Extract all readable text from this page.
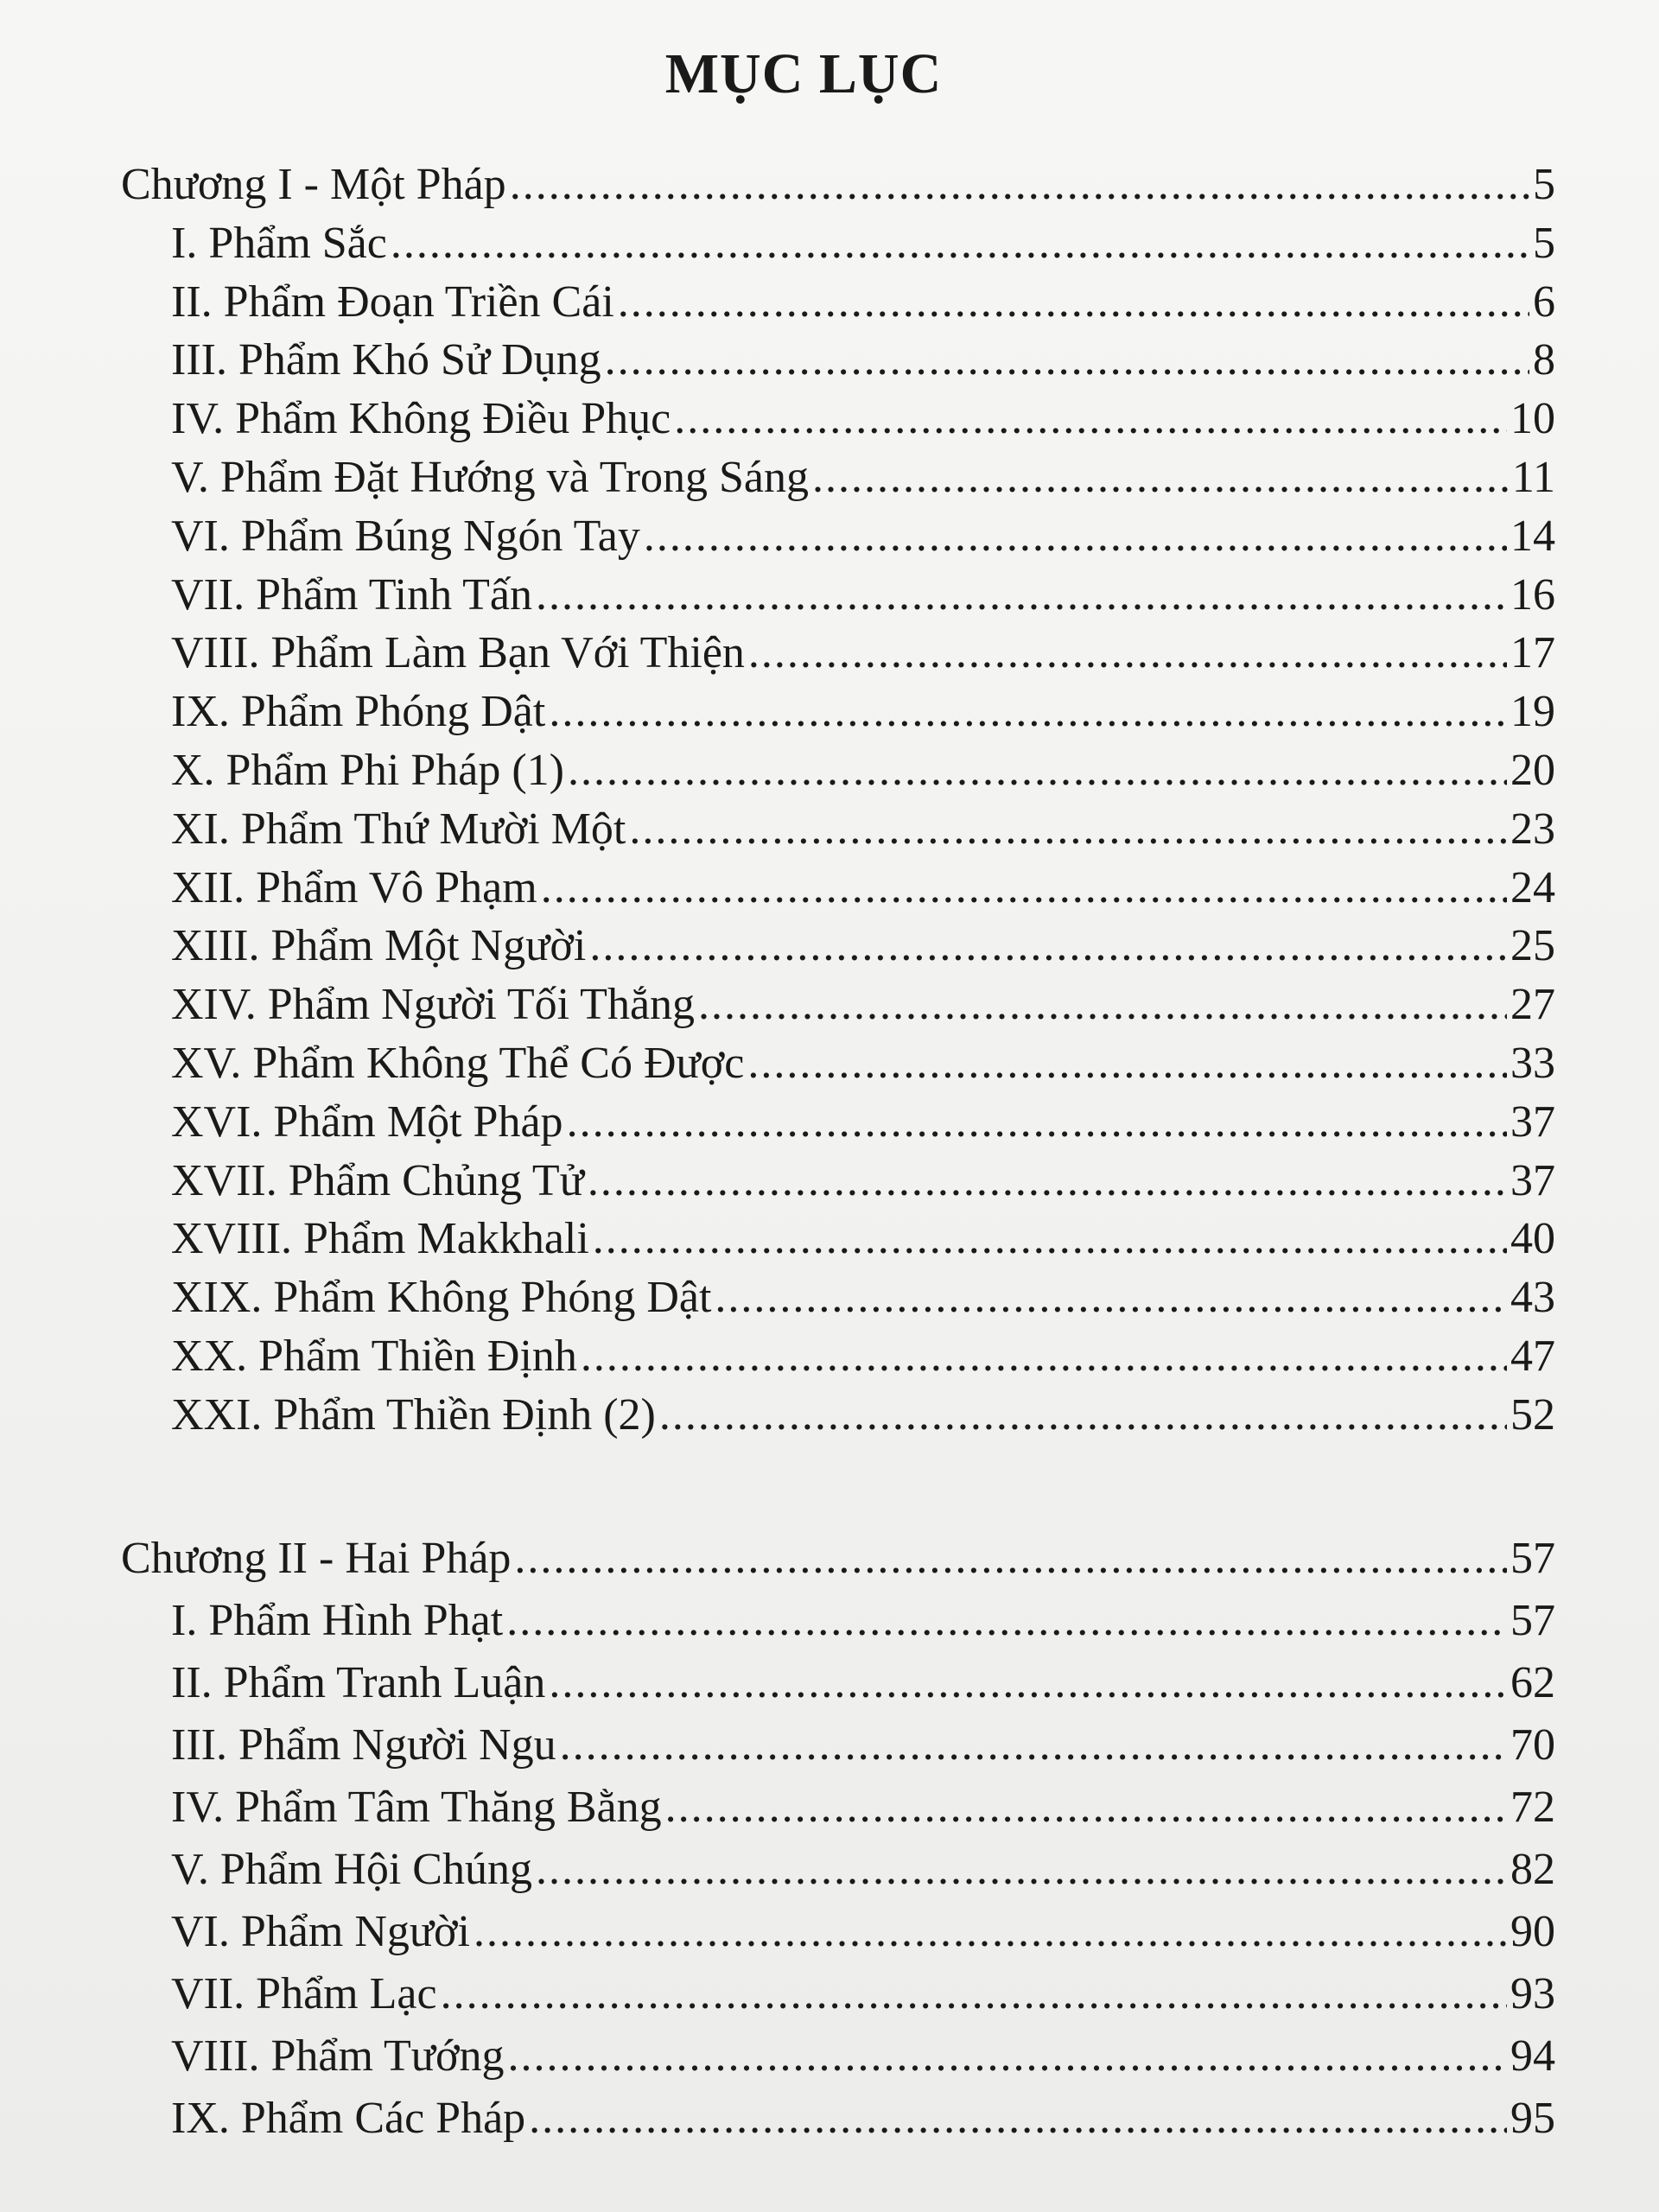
MỤC LỤC
Chương I - Một Pháp .....	5
I. Phẩm Sắc .....	5
II. Phẩm Đoạn Triền Cái .....	6
III. Phẩm Khó Sử Dụng .....	8
IV. Phẩm Không Điều Phục .....	10
V. Phẩm Đặt Hướng và Trong Sáng .....	11
VI. Phẩm Búng Ngón Tay .....	14
VII. Phẩm Tinh Tấn .....	16
VIII. Phẩm Làm Bạn Với Thiện .....	17
IX. Phẩm Phóng Dật .....	19
X. Phẩm Phi Pháp (1) .....	20
XI. Phẩm Thứ Mười Một .....	23
XII. Phẩm Vô Phạm .....	24
XIII. Phẩm Một Người .....	25
XIV. Phẩm Người Tối Thắng .....	27
XV. Phẩm Không Thể Có Được .....	33
XVI. Phẩm Một Pháp .....	37
XVII. Phẩm Chủng Tử .....	37
XVIII. Phẩm Makkhali .....	40
XIX. Phẩm Không Phóng Dật .....	43
XX. Phẩm Thiền Định .....	47
XXI. Phẩm Thiền Định (2) .....	52
Chương II - Hai Pháp .....	57
I. Phẩm Hình Phạt .....	57
II. Phẩm Tranh Luận .....	62
III. Phẩm Người Ngu .....	70
IV. Phẩm Tâm Thăng Bằng .....	72
V. Phẩm Hội Chúng .....	82
VI. Phẩm Người .....	90
VII. Phẩm Lạc .....	93
VIII. Phẩm Tướng .....	94
IX. Phẩm Các Pháp .....	95
